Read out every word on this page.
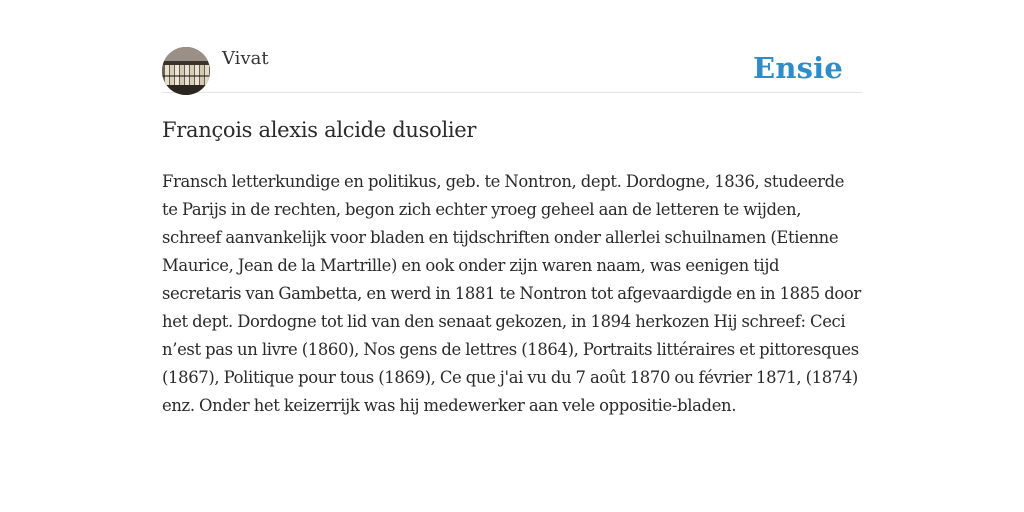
Vivat	Ensie
François alexis alcide dusolier

Fransch letterkundige en politikus, geb. te Nontron, dept. Dordogne, 1836, studeerde te Parijs in de rechten, begon zich echter yroeg geheel aan de letteren te wijden, schreef aanvankelijk voor bladen en tijdschriften onder allerlei schuilnamen (Etienne Maurice, Jean de la Martrille) en ook onder zijn waren naam, was eenigen tijd secretaris van Gambetta, en werd in 1881 te Nontron tot afgevaardigde en in 1885 door het dept. Dordogne tot lid van den senaat gekozen, in 1894 herkozen Hij schreef: Ceci n’est pas un livre (1860), Nos gens de lettres (1864), Portraits littéraires et pittoresques (1867), Politique pour tous (1869), Ce que j'ai vu du 7 août 1870 ou février 1871, (1874) enz. Onder het keizerrijk was hij medewerker aan vele oppositie-bladen.
